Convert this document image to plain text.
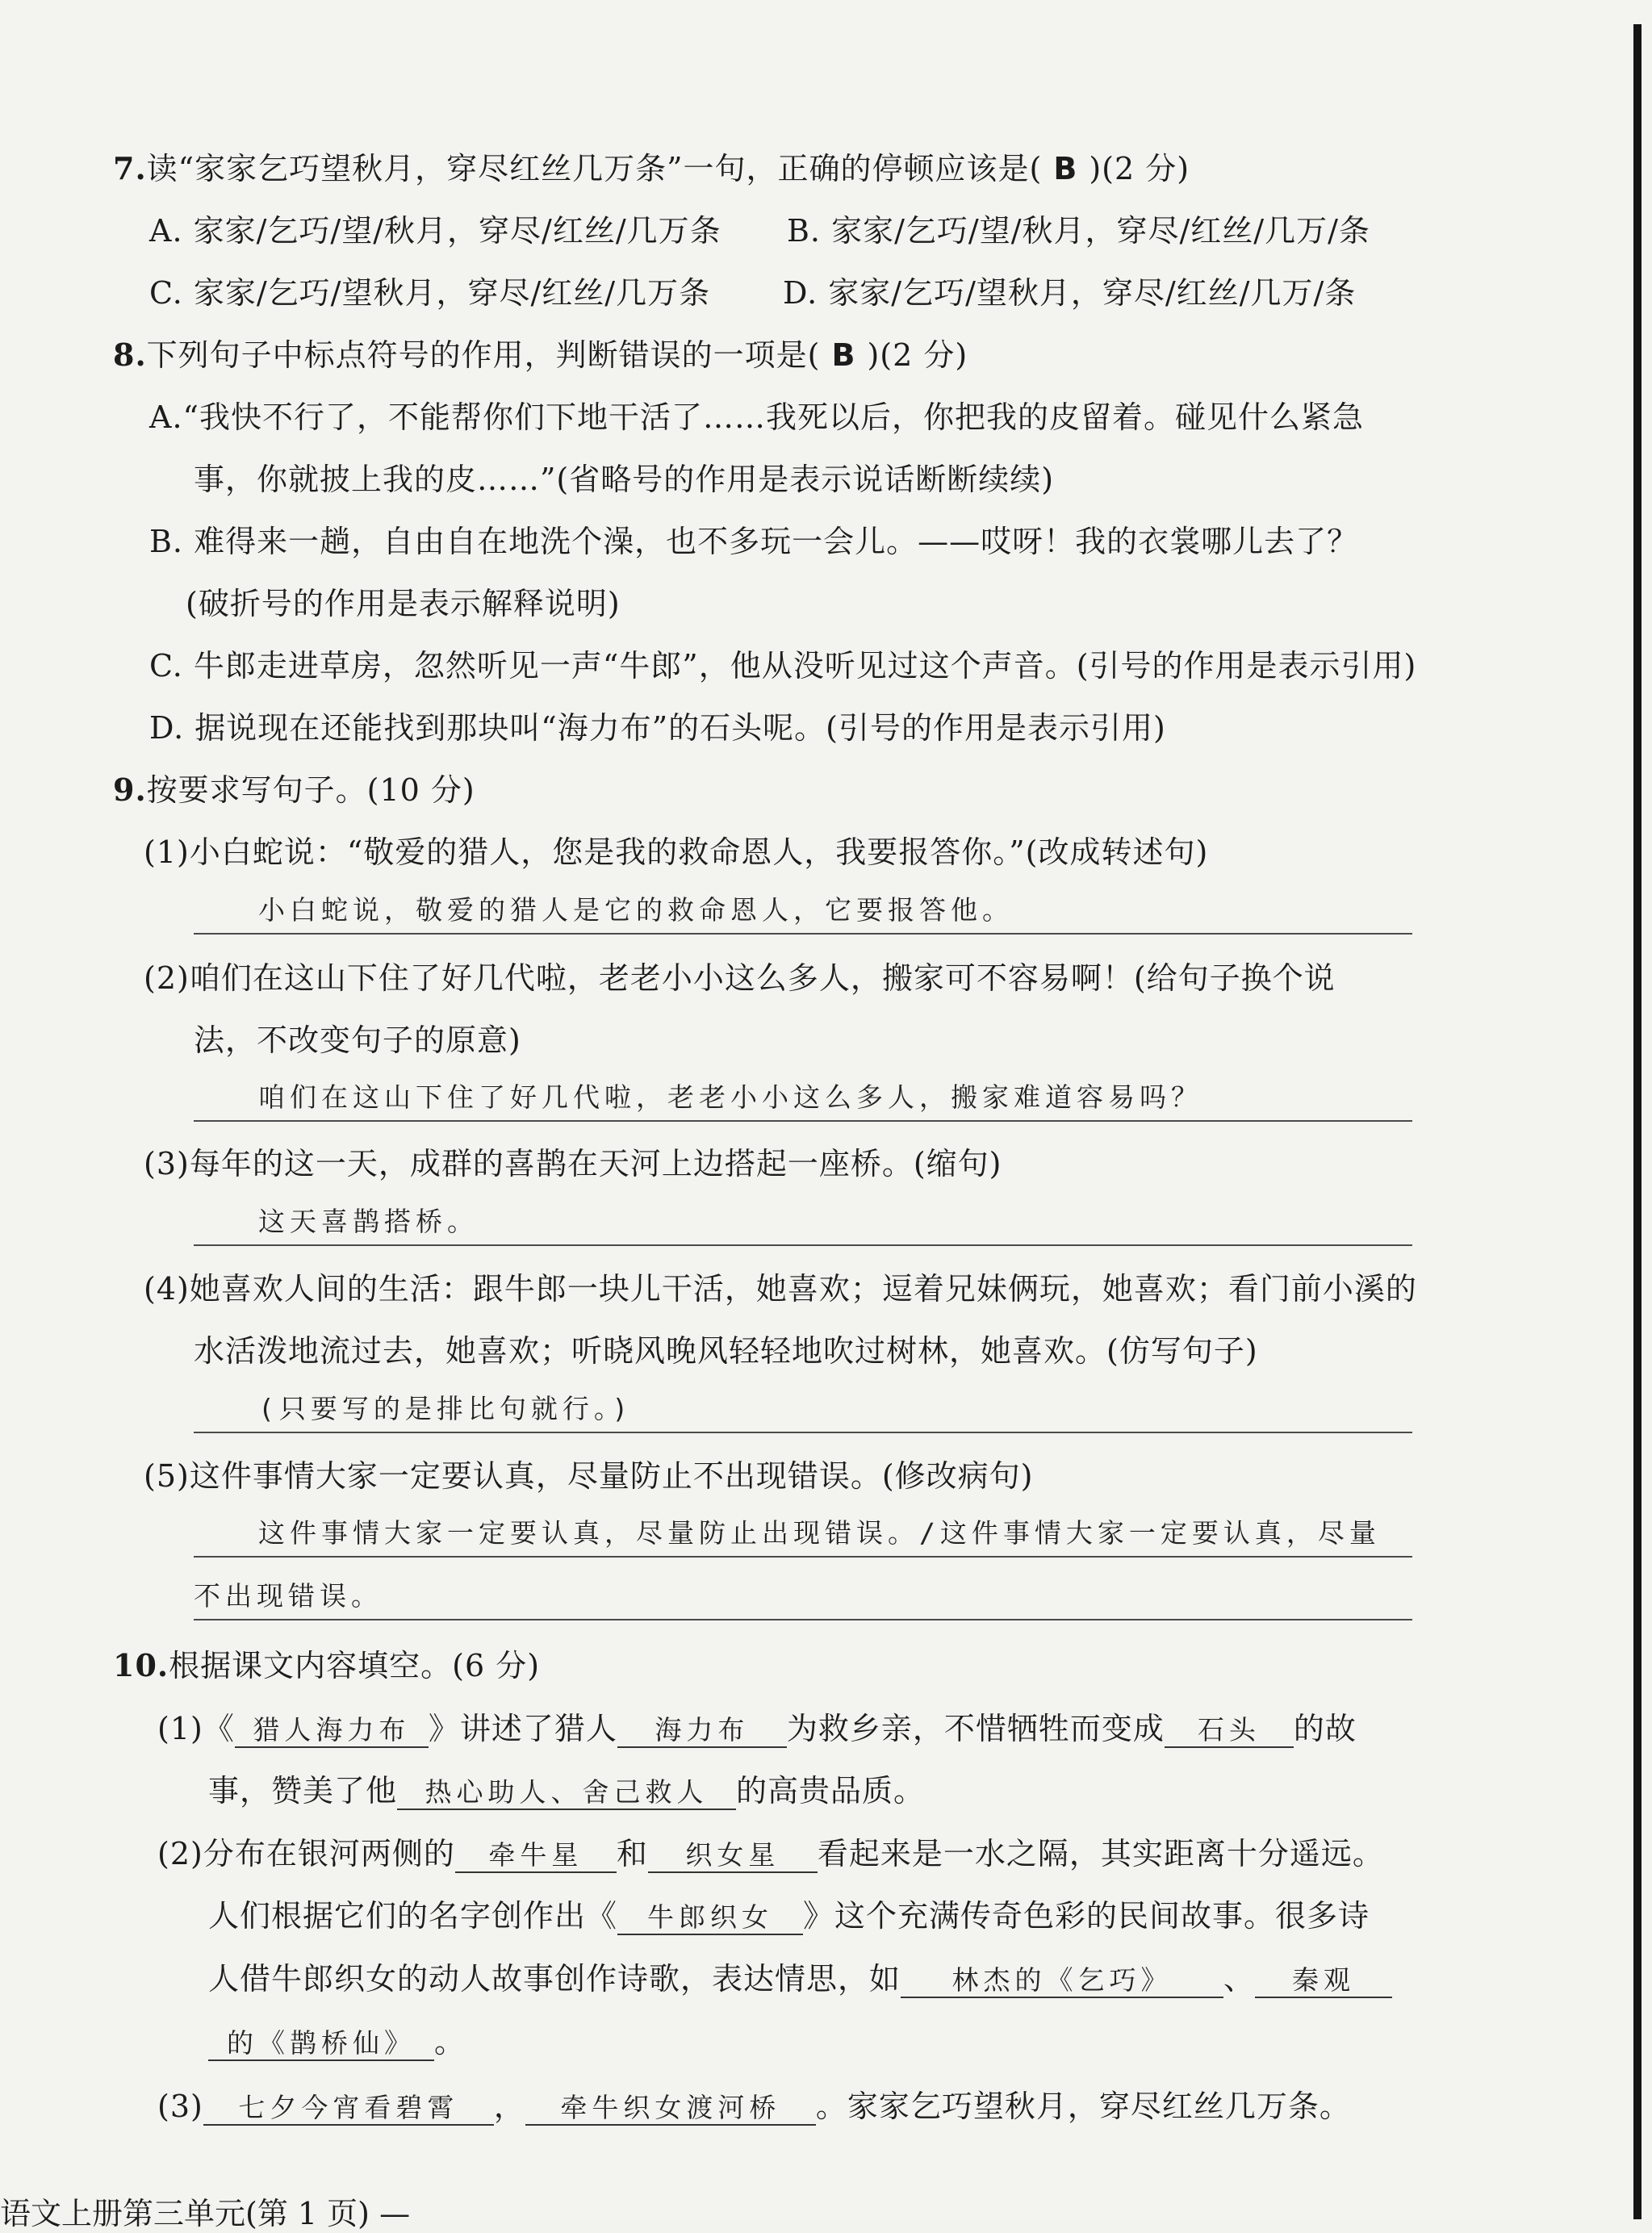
7.读“家家乞巧望秋月，穿尽红丝几万条”一句，正确的停顿应该是( B )(2 分)
A. 家家/乞巧/望/秋月，穿尽/红丝/几万条 B. 家家/乞巧/望/秋月，穿尽/红丝/几万/条
C. 家家/乞巧/望秋月，穿尽/红丝/几万条 D. 家家/乞巧/望秋月，穿尽/红丝/几万/条
8.下列句子中标点符号的作用，判断错误的一项是( B )(2 分)
A.“我快不行了，不能帮你们下地干活了……我死以后，你把我的皮留着。碰见什么紧急
事，你就披上我的皮……”(省略号的作用是表示说话断断续续)
B. 难得来一趟，自由自在地洗个澡，也不多玩一会儿。——哎呀！我的衣裳哪儿去了？
(破折号的作用是表示解释说明)
C. 牛郎走进草房，忽然听见一声“牛郎”，他从没听见过这个声音。(引号的作用是表示引用)
D. 据说现在还能找到那块叫“海力布”的石头呢。(引号的作用是表示引用)
9.按要求写句子。(10 分)
(1)小白蛇说：“敬爱的猎人，您是我的救命恩人，我要报答你。”(改成转述句)
小白蛇说，敬爱的猎人是它的救命恩人，它要报答他。
(2)咱们在这山下住了好几代啦，老老小小这么多人，搬家可不容易啊！(给句子换个说
法，不改变句子的原意)
咱们在这山下住了好几代啦，老老小小这么多人，搬家难道容易吗？
(3)每年的这一天，成群的喜鹊在天河上边搭起一座桥。(缩句)
这天喜鹊搭桥。
(4)她喜欢人间的生活：跟牛郎一块儿干活，她喜欢；逗着兄妹俩玩，她喜欢；看门前小溪的
水活泼地流过去，她喜欢；听晓风晚风轻轻地吹过树林，她喜欢。(仿写句子)
(只要写的是排比句就行。)
(5)这件事情大家一定要认真，尽量防止不出现错误。(修改病句)
这件事情大家一定要认真，尽量防止出现错误。/这件事情大家一定要认真，尽量
不出现错误。
10.根据课文内容填空。(6 分)
(1)《 猎人海力布 》讲述了猎人 海力布 为救乡亲，不惜牺牲而变成 石头 的故
事，赞美了他 热心助人、舍己救人 的高贵品质。
(2)分布在银河两侧的 牵牛星 和 织女星 看起来是一水之隔，其实距离十分遥远。
人们根据它们的名字创作出《 牛郎织女 》这个充满传奇色彩的民间故事。很多诗
人借牛郎织女的动人故事创作诗歌，表达情思，如 林杰的《乞巧》 、 秦观
的《鹊桥仙》 。
(3) 七夕今宵看碧霄 ， 牵牛织女渡河桥 。家家乞巧望秋月，穿尽红丝几万条。
语文上册第三单元(第 1 页) —
